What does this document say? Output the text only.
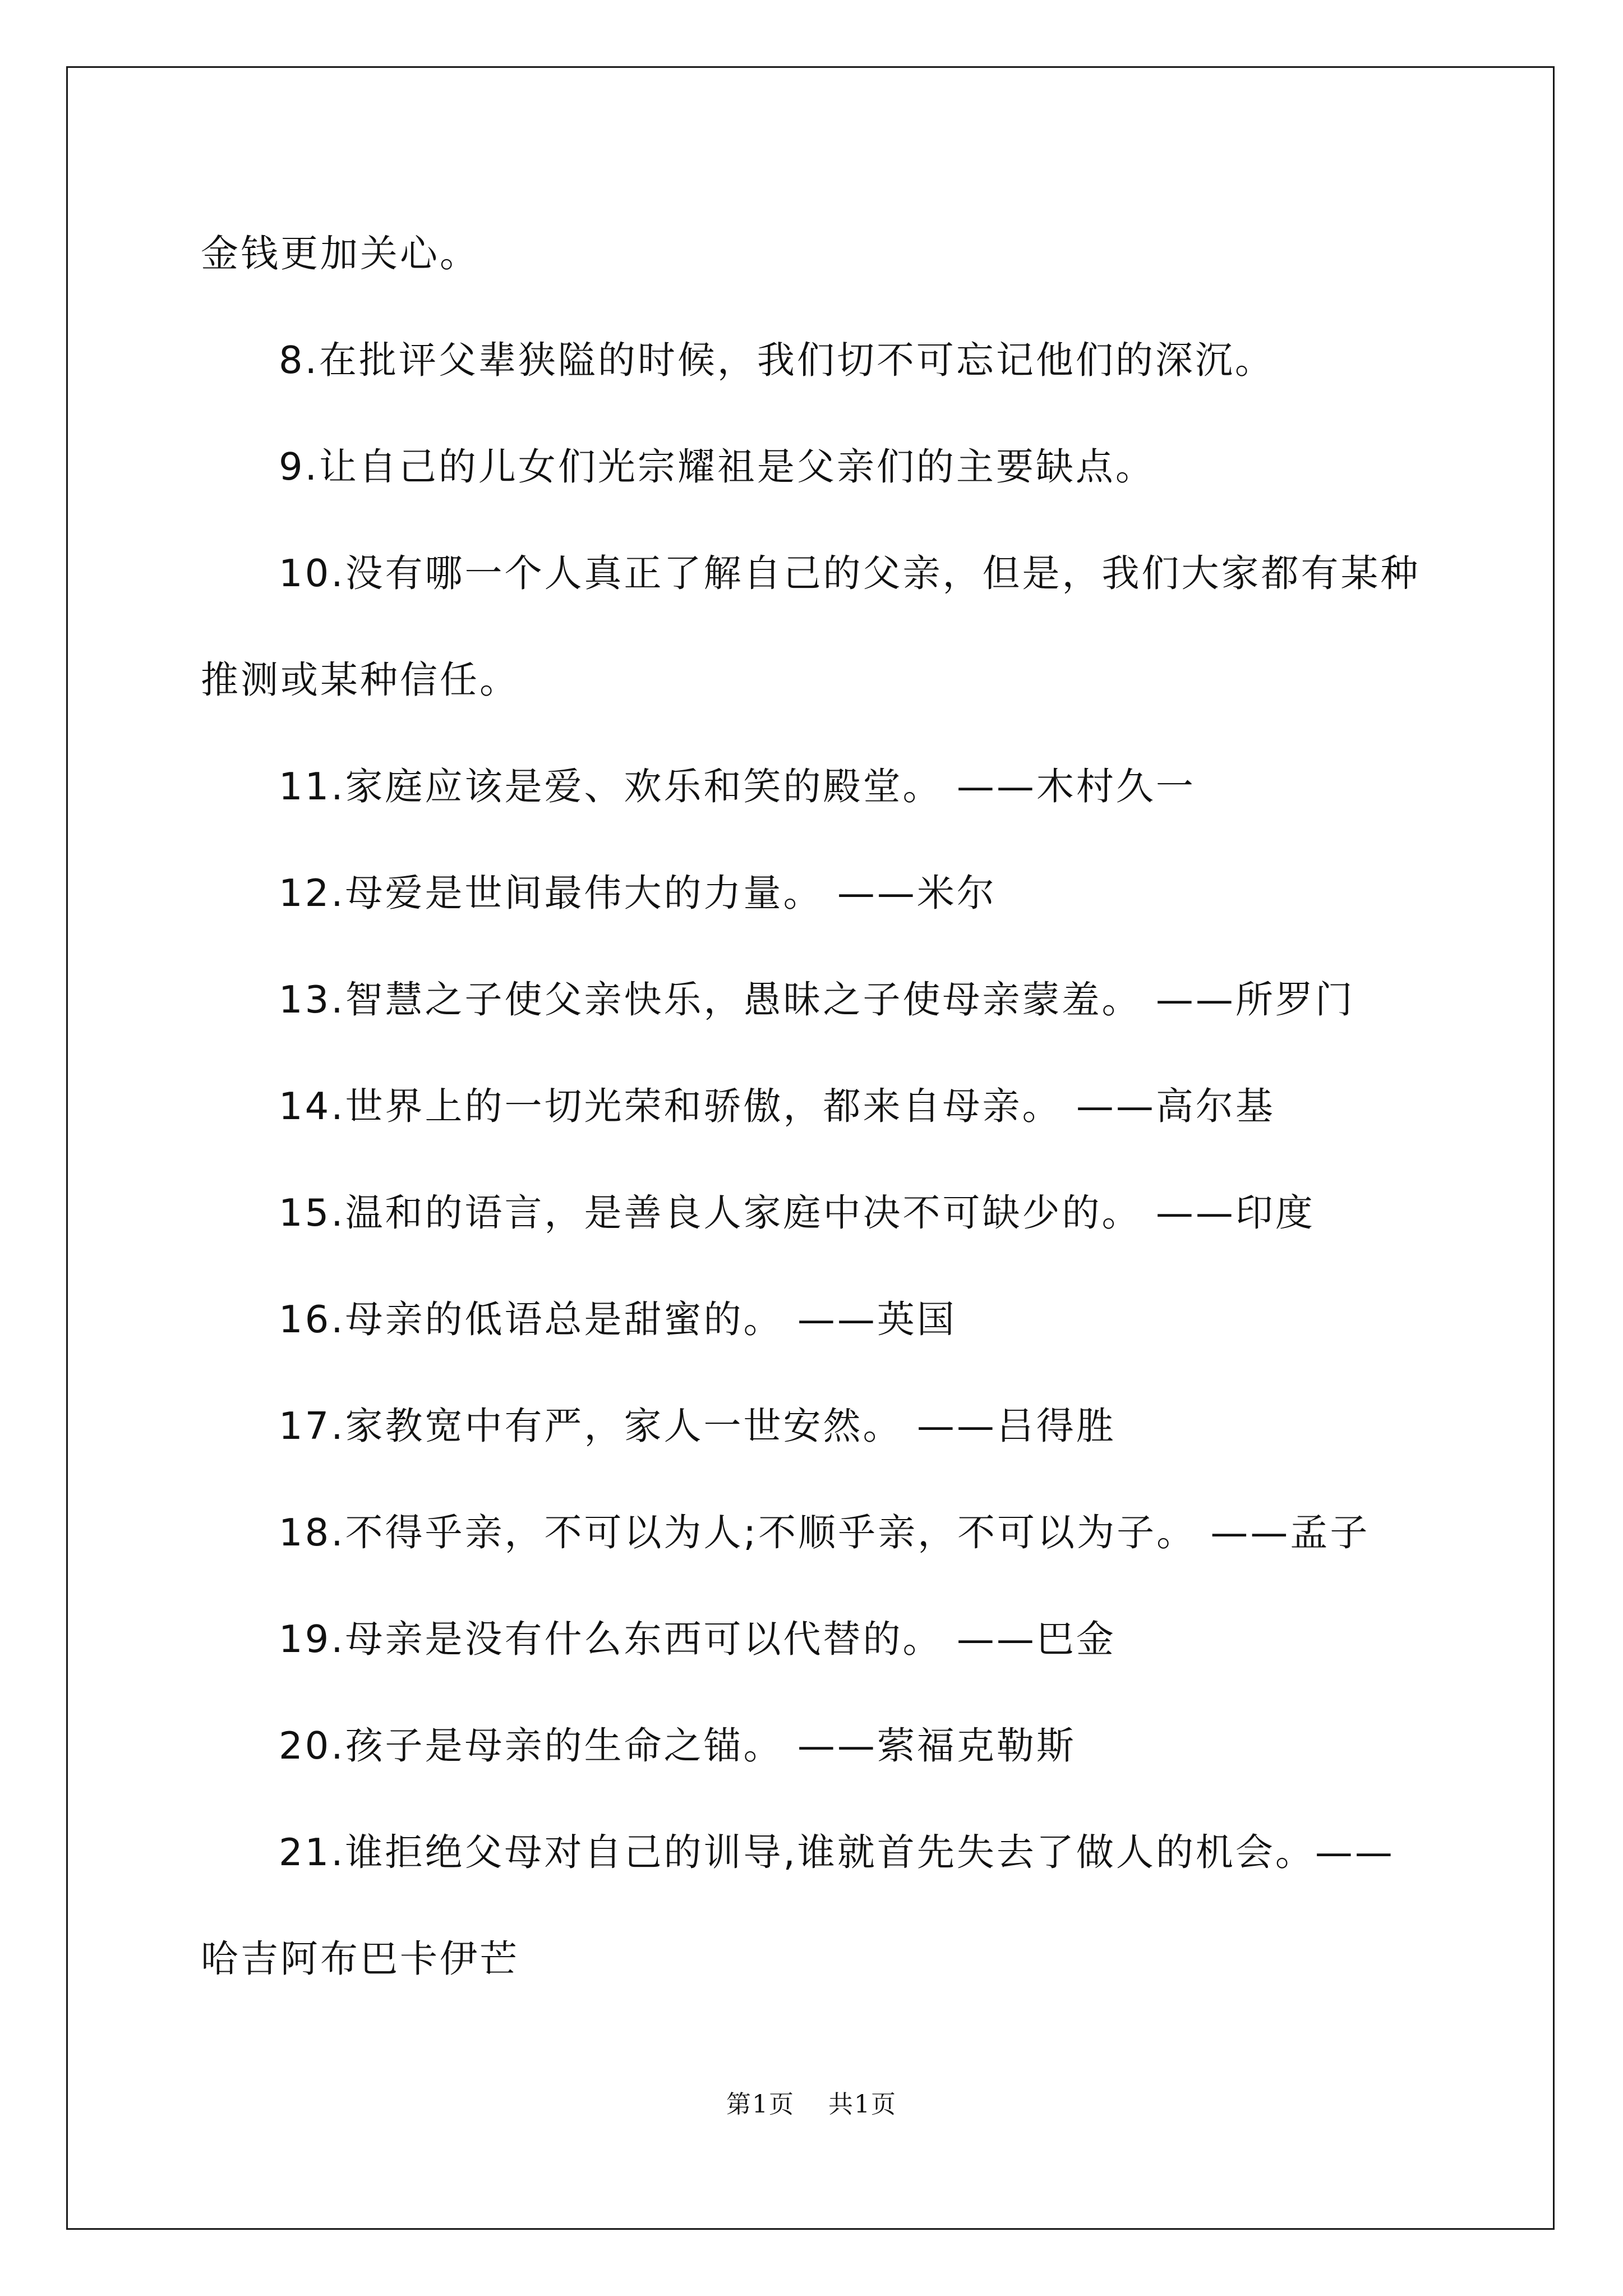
金钱更加关心。
8.在批评父辈狭隘的时候，我们切不可忘记他们的深沉。
9.让自己的儿女们光宗耀祖是父亲们的主要缺点。
10.没有哪一个人真正了解自己的父亲，但是，我们大家都有某种
推测或某种信任。
11.家庭应该是爱、欢乐和笑的殿堂。 ——木村久一
12.母爱是世间最伟大的力量。 ——米尔
13.智慧之子使父亲快乐，愚昧之子使母亲蒙羞。 ——所罗门
14.世界上的一切光荣和骄傲，都来自母亲。 ——高尔基
15.温和的语言，是善良人家庭中决不可缺少的。 ——印度
16.母亲的低语总是甜蜜的。 ——英国
17.家教宽中有严，家人一世安然。 ——吕得胜
18.不得乎亲，不可以为人;不顺乎亲，不可以为子。 ——孟子
19.母亲是没有什么东西可以代替的。 ——巴金
20.孩子是母亲的生命之锚。 ——萦福克勒斯
21.谁拒绝父母对自己的训导,谁就首先失去了做人的机会。——
哈吉阿布巴卡伊芒
第1页 共1页
